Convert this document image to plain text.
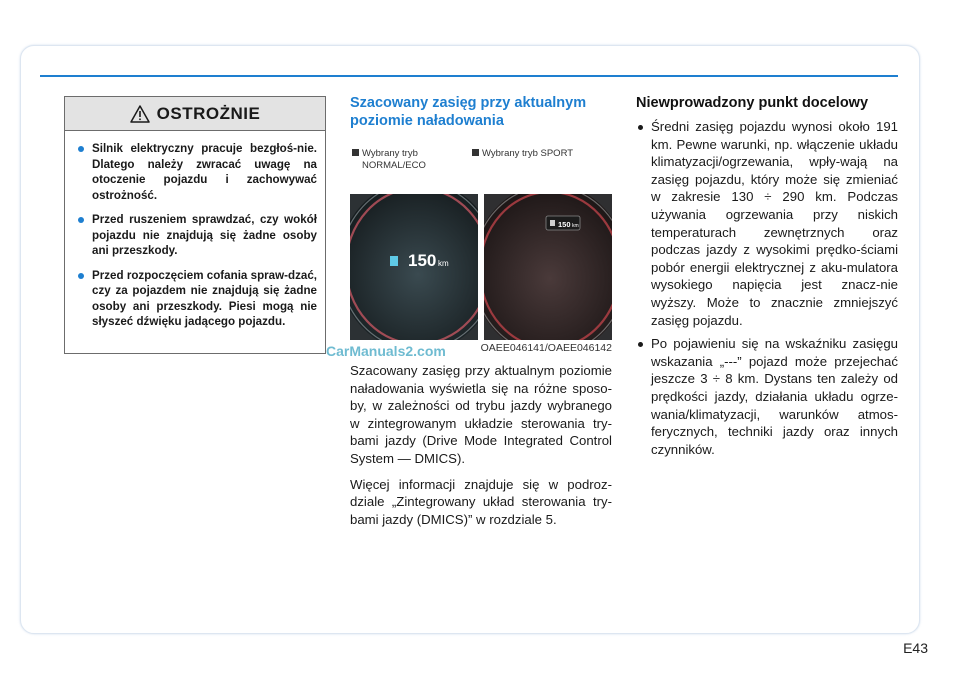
OSTROŻNIE
Silnik elektryczny pracuje bezgłoś-nie. Dlatego należy zwracać uwagę na otoczenie pojazdu i zachowywać ostrożność.
Przed ruszeniem sprawdzać, czy wokół pojazdu nie znajdują się żadne osoby ani przeszkody.
Przed rozpoczęciem cofania spraw-dzać, czy za pojazdem nie znajdują się żadne osoby ani przeszkody. Piesi mogą nie słyszeć dźwięku jadącego pojazdu.
CarManuals2.com
Szacowany zasięg przy aktualnym poziomie naładowania
Wybrany tryb
NORMAL/ECO
Wybrany tryb SPORT
150 km
150 km
OAEE046141/OAEE046142

Szacowany zasięg przy aktualnym poziomie naładowania wyświetla się na różne sposo-by, w zależności od trybu jazdy wybranego w zintegrowanym układzie sterowania try-bami jazdy (Drive Mode Integrated Control System — DMICS).

Więcej informacji znajduje się w podroz-dziale „Zintegrowany układ sterowania try-bami jazdy (DMICS)” w rozdziale 5.

Niewprowadzony punkt docelowy
Średni zasięg pojazdu wynosi około 191 km. Pewne warunki, np. włączenie układu klimatyzacji/ogrzewania, wpły-wają na zasięg pojazdu, który może się zmieniać w zakresie 130 ÷ 290 km. Podczas używania ogrzewania przy niskich temperaturach zewnętrznych oraz podczas jazdy z wysokimi prędko-ściami pobór energii elektrycznej z aku-mulatora wysokiego napięcia jest znacz-nie wyższy. Może to znacznie zmniejszyć zasięg pojazdu.
Po pojawieniu się na wskaźniku zasięgu wskazania „---” pojazd może przejechać jeszcze 3 ÷ 8 km. Dystans ten zależy od prędkości jazdy, działania układu ogrze-wania/klimatyzacji, warunków atmos-ferycznych, techniki jazdy oraz innych czynników.
E43
